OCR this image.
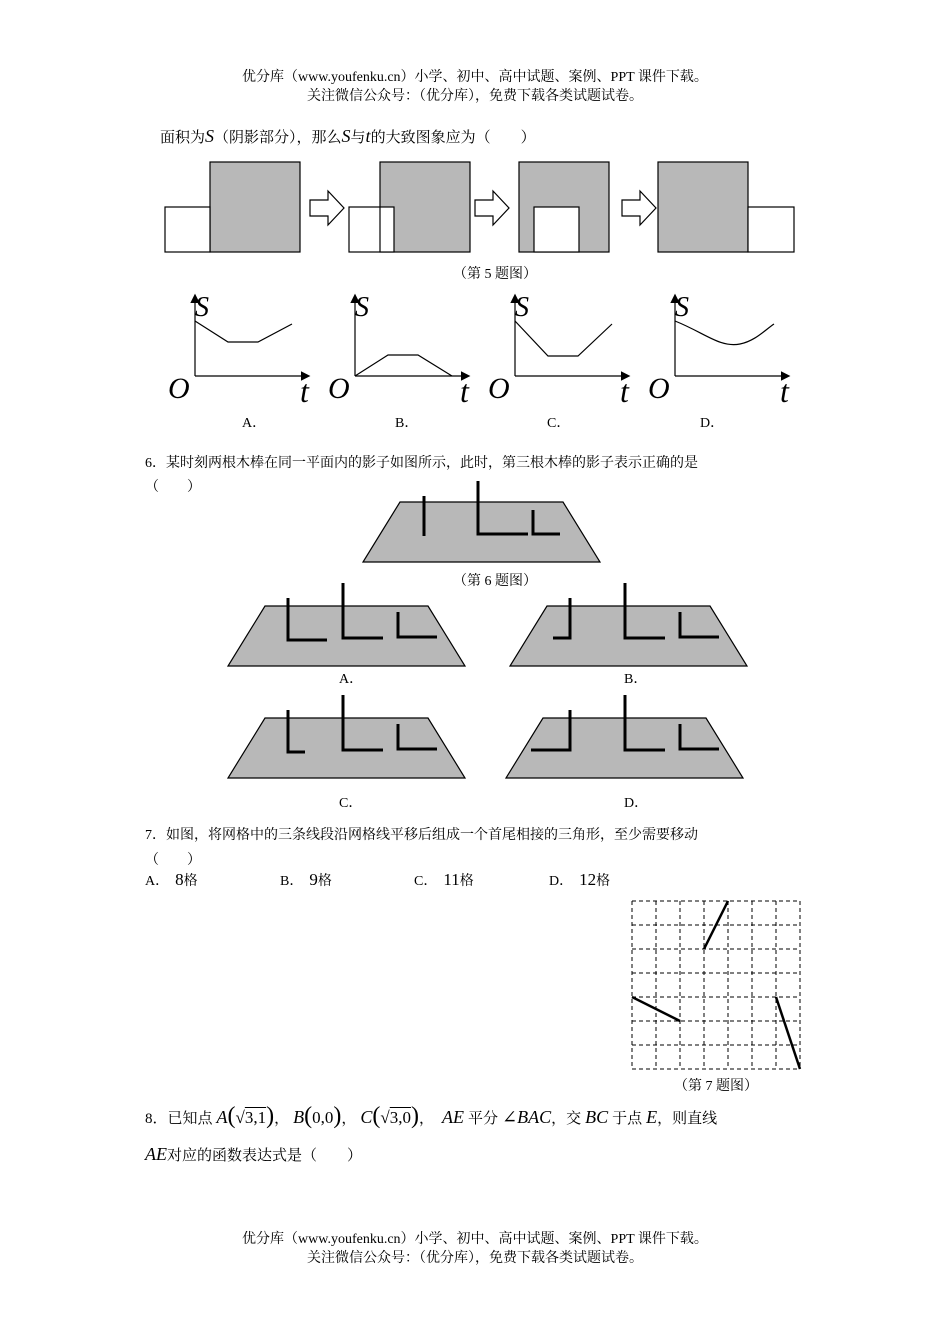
优分库（www.youfenku.cn）小学、初中、高中试题、案例、PPT 课件下载。
关注微信公众号：（优分库），免费下载各类试题试卷。
面积为S（阴影部分），那么S与t的大致图象应为（　　）
（第 5 题图）
S
O	t
S
O	t
S
O	t
S
O	t
A．	B．	C．	D．
6．某时刻两根木棒在同一平面内的影子如图所示，此时，第三根木棒的影子表示正确的是
（　　）
（第 6 题图）
A．	B．
C．	D．
7．如图，将网格中的三条线段沿网格线平移后组成一个首尾相接的三角形，至少需要移动
（　　）
A． 8格	B． 9格	C． 11格	D． 12格
（第 7 题图）
8．已知点 A(√3,1)， B(0,0)， C(√3,0)， AE 平分 ∠BAC，交 BC 于点 E，则直线
AE对应的函数表达式是（　　）
优分库（www.youfenku.cn）小学、初中、高中试题、案例、PPT 课件下载。
关注微信公众号：（优分库），免费下载各类试题试卷。
